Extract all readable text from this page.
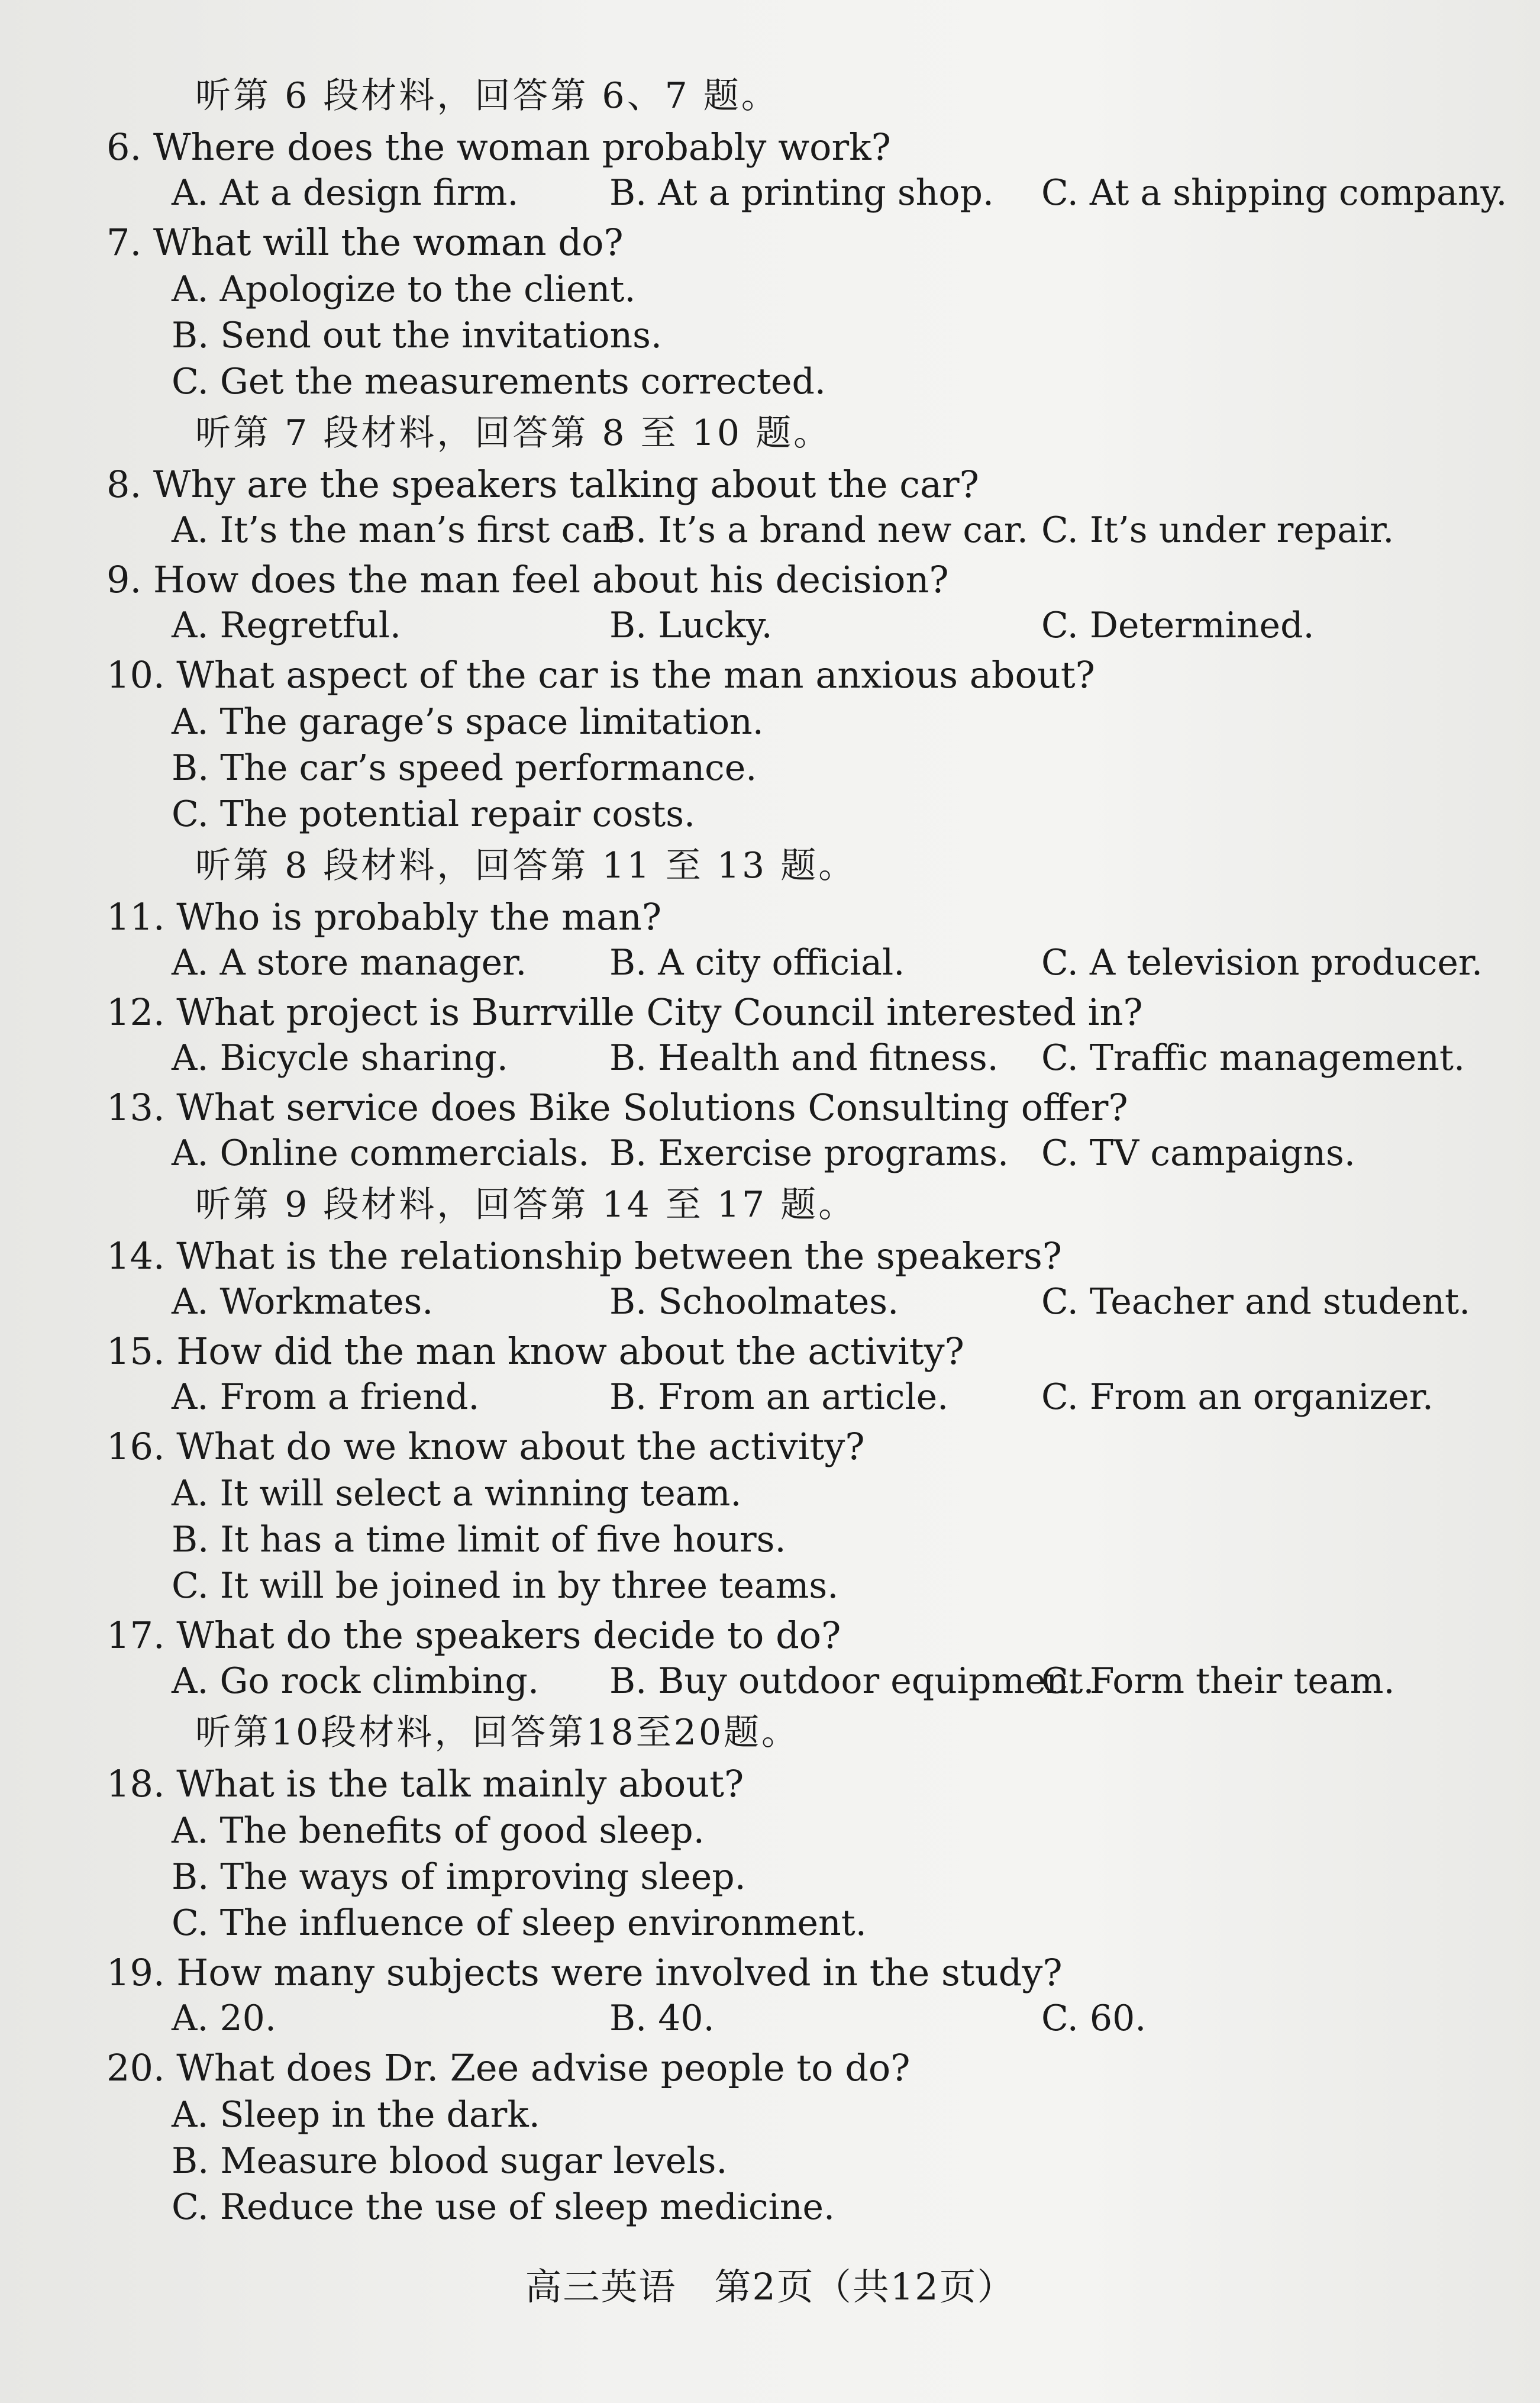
听第 6 段材料，回答第 6、7 题。
6. Where does the woman probably work?
A. At a design firm.	B. At a printing shop.	C. At a shipping company.
7. What will the woman do?
A. Apologize to the client.
B. Send out the invitations.
C. Get the measurements corrected.
听第 7 段材料，回答第 8 至 10 题。
8. Why are the speakers talking about the car?
A. It’s the man’s first car.
B. It’s a brand new car. C. It’s under repair.
9. How does the man feel about his decision?
A. Regretful.	B. Lucky.	C. Determined.
10. What aspect of the car is the man anxious about?
A. The garage’s space limitation.
B. The car’s speed performance.
C. The potential repair costs.
听第 8 段材料，回答第 11 至 13 题。
11. Who is probably the man?
A. A store manager.	B. A city official.	C. A television producer.
12. What project is Burrville City Council interested in?
A. Bicycle sharing.	B. Health and fitness.	C. Traffic management.
13. What service does Bike Solutions Consulting offer?
A. Online commercials. B. Exercise programs. C. TV campaigns.
听第 9 段材料，回答第 14 至 17 题。
14. What is the relationship between the speakers?
A. Workmates.	B. Schoolmates.	C. Teacher and student.
15. How did the man know about the activity?
A. From a friend.	B. From an article.	C. From an organizer.
16. What do we know about the activity?
A. It will select a winning team.
B. It has a time limit of five hours.
C. It will be joined in by three teams.
17. What do the speakers decide to do?
A. Go rock climbing.	B. Buy outdoor equipment.
C. Form their team.
听第10段材料，回答第18至20题。
18. What is the talk mainly about?
A. The benefits of good sleep.
B. The ways of improving sleep.
C. The influence of sleep environment.
19. How many subjects were involved in the study?
A. 20.	B. 40.	C. 60.
20. What does Dr. Zee advise people to do?
A. Sleep in the dark.
B. Measure blood sugar levels.
C. Reduce the use of sleep medicine.
高三英语　第2页（共12页）
